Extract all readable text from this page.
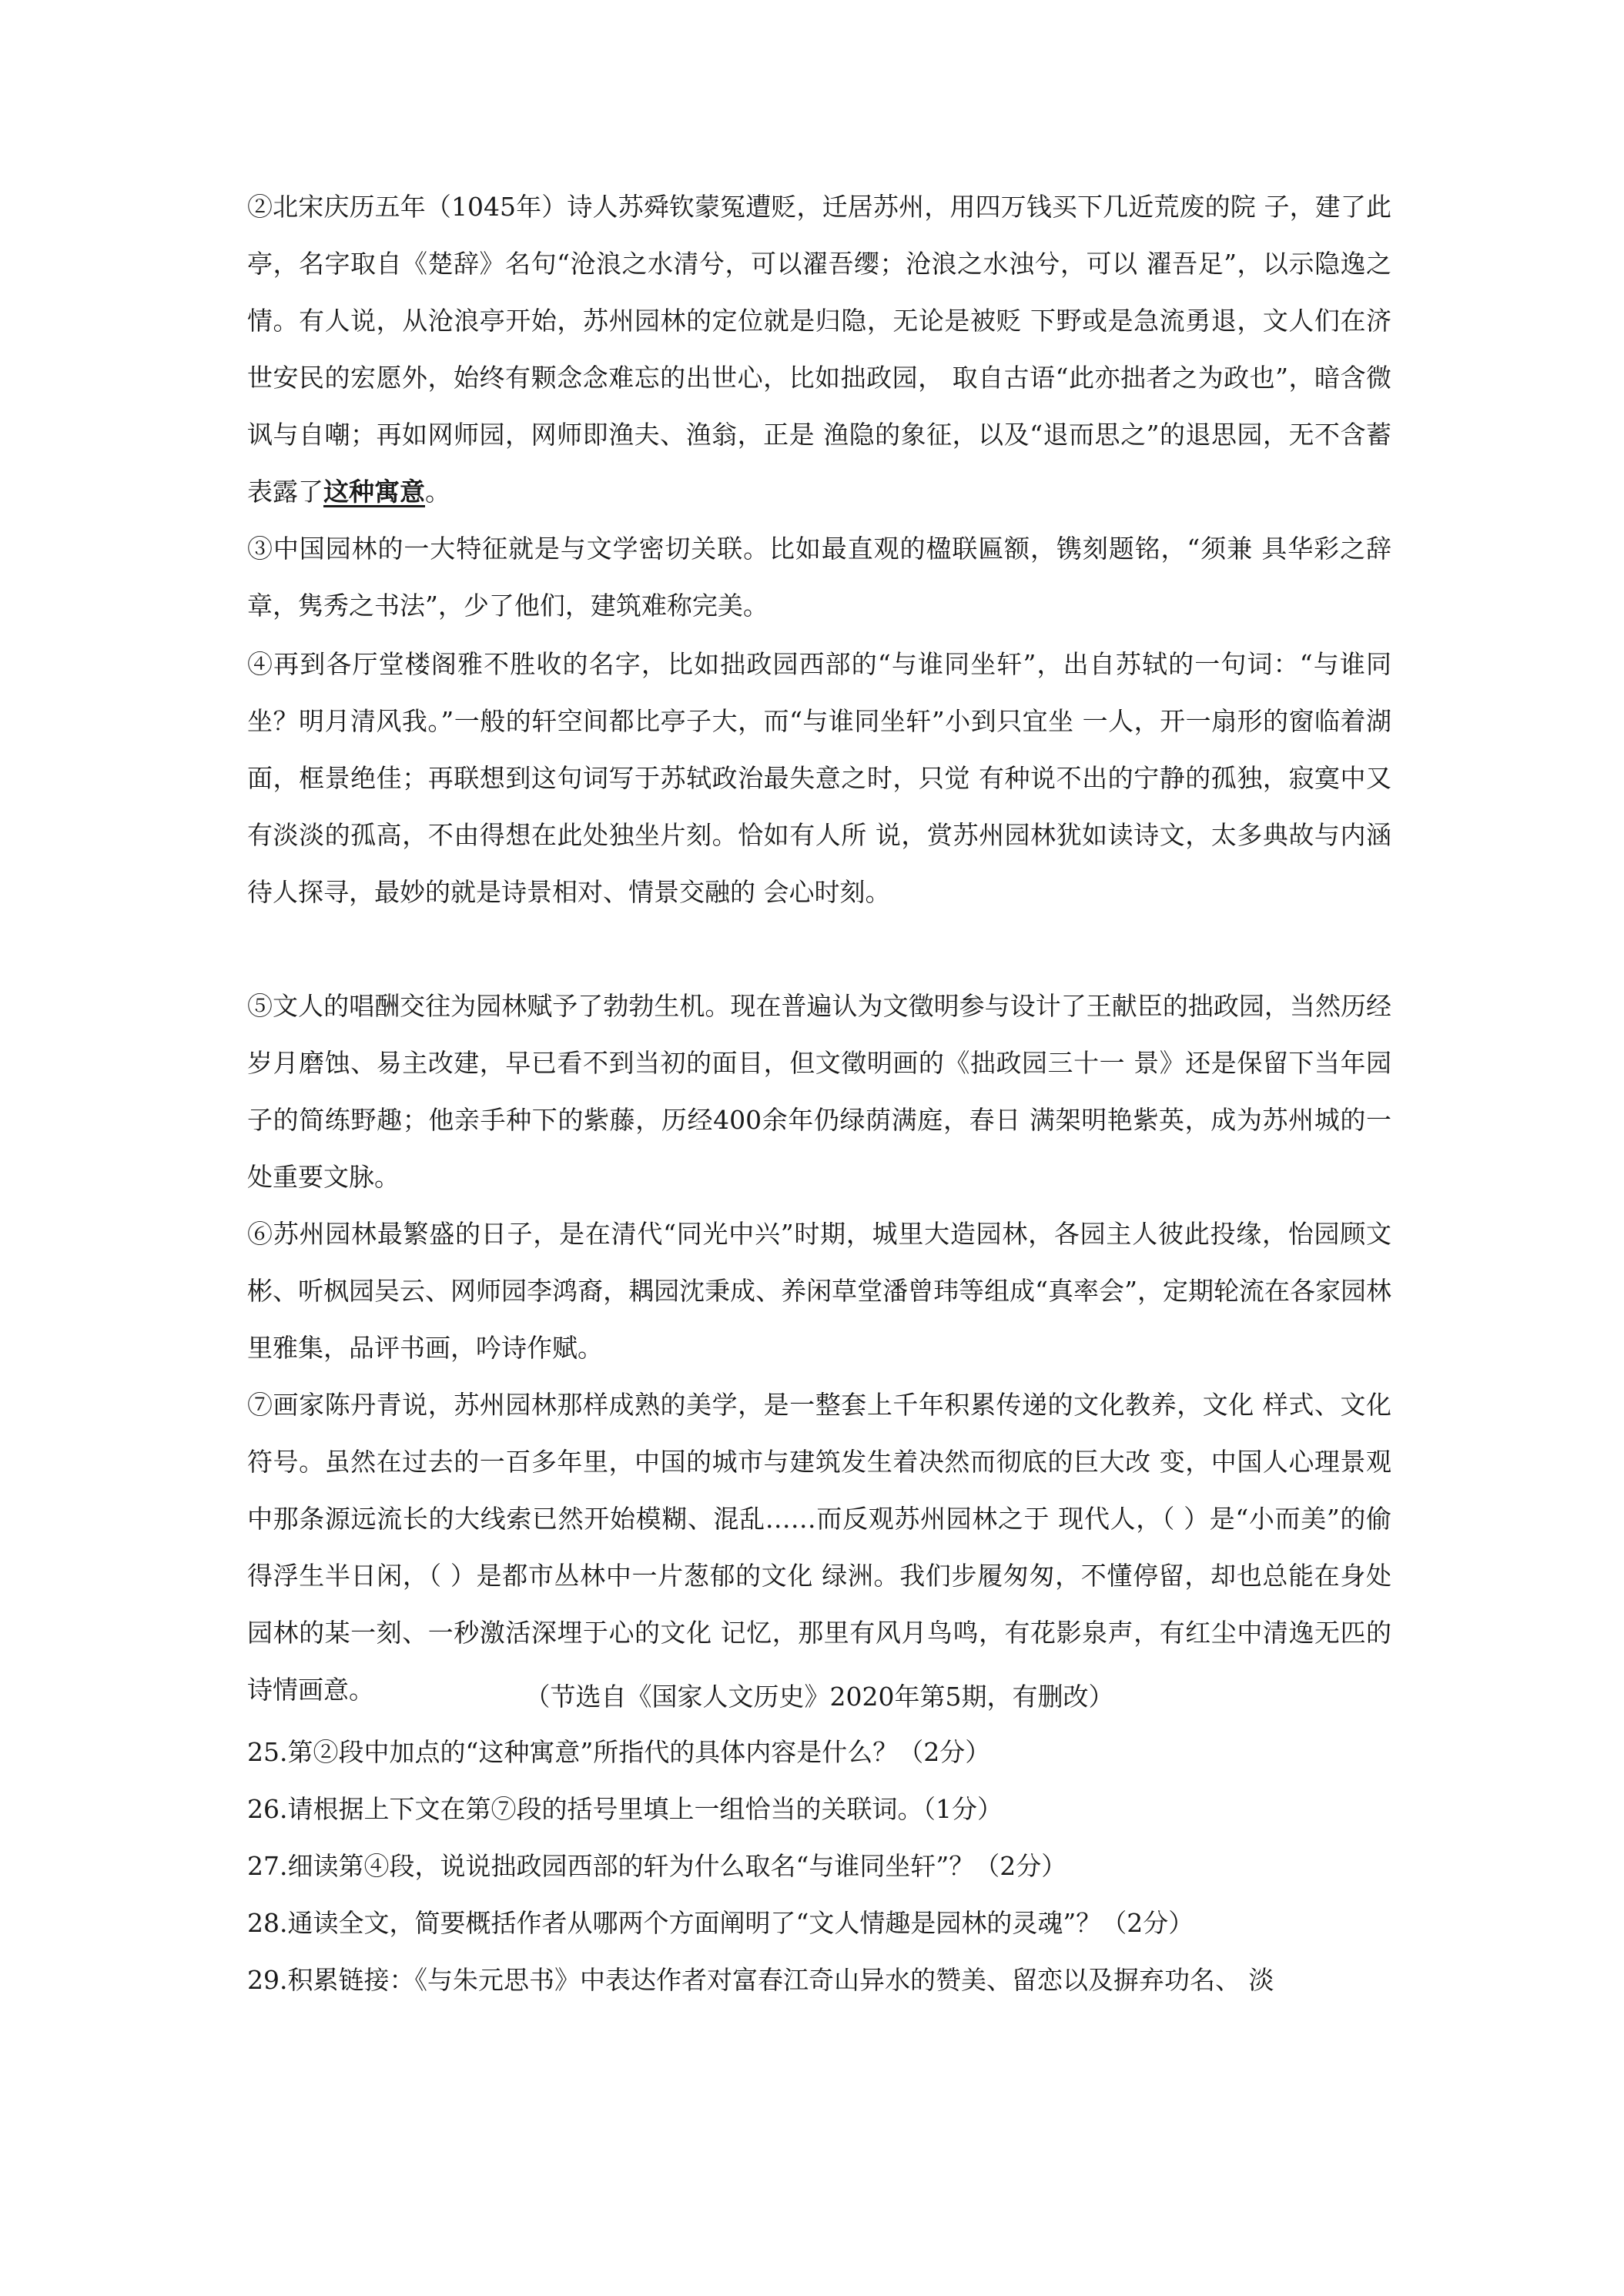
②北宋庆历五年（1045年）诗人苏舜钦蒙冤遭贬，迁居苏州，用四万钱买下几近荒废的院 子，建了此亭，名字取自《楚辞》名句“沧浪之水清兮，可以濯吾缨；沧浪之水浊兮，可以 濯吾足”，以示隐逸之情。有人说，从沧浪亭开始，苏州园林的定位就是归隐，无论是被贬 下野或是急流勇退，文人们在济世安民的宏愿外，始终有颗念念难忘的出世心，比如拙政园， 取自古语“此亦拙者之为政也”，暗含微讽与自嘲；再如网师园，网师即渔夫、渔翁，正是 渔隐的象征，以及“退而思之”的退思园，无不含蓄表露了这种寓意。

③中国园林的一大特征就是与文学密切关联。比如最直观的楹联匾额，镌刻题铭，“须兼 具华彩之辞章，隽秀之书法”，少了他们，建筑难称完美。

④再到各厅堂楼阁雅不胜收的名字，比如拙政园西部的“与谁同坐轩”，出自苏轼的一句词：“与谁同坐？明月清风我。”一般的轩空间都比亭子大，而“与谁同坐轩”小到只宜坐 一人，开一扇形的窗临着湖面，框景绝佳；再联想到这句词写于苏轼政治最失意之时，只觉 有种说不出的宁静的孤独，寂寞中又有淡淡的孤高，不由得想在此处独坐片刻。恰如有人所 说，赏苏州园林犹如读诗文，太多典故与内涵待人探寻，最妙的就是诗景相对、情景交融的 会心时刻。

⑤文人的唱酬交往为园林赋予了勃勃生机。现在普遍认为文徵明参与设计了王献臣的拙政园，当然历经岁月磨蚀、易主改建，早已看不到当初的面目，但文徵明画的《拙政园三十一 景》还是保留下当年园子的简练野趣；他亲手种下的紫藤，历经400余年仍绿荫满庭，春日 满架明艳紫英，成为苏州城的一处重要文脉。

⑥苏州园林最繁盛的日子，是在清代“同光中兴”时期，城里大造园林，各园主人彼此投缘，怡园顾文彬、听枫园吴云、网师园李鸿裔，耦园沈秉成、养闲草堂潘曾玮等组成“真率会”，定期轮流在各家园林里雅集，品评书画，吟诗作赋。

⑦画家陈丹青说，苏州园林那样成熟的美学，是一整套上千年积累传递的文化教养，文化 样式、文化符号。虽然在过去的一百多年里，中国的城市与建筑发生着决然而彻底的巨大改 变，中国人心理景观中那条源远流长的大线索已然开始模糊、混乱……而反观苏州园林之于 现代人，（ ）是“小而美”的偷得浮生半日闲，（ ）是都市丛林中一片葱郁的文化 绿洲。我们步履匆匆，不懂停留，却也总能在身处园林的某一刻、一秒激活深埋于心的文化 记忆，那里有风月鸟鸣，有花影泉声，有红尘中清逸无匹的诗情画意。	（节选自《国家人文历史》2020年第5期，有删改）
25.第②段中加点的“这种寓意”所指代的具体内容是什么？（2分）
26.请根据上下文在第⑦段的括号里填上一组恰当的关联词。（1分）
27.细读第④段，说说拙政园西部的轩为什么取名“与谁同坐轩”？（2分）
28.通读全文，简要概括作者从哪两个方面阐明了“文人情趣是园林的灵魂”？（2分）
29.积累链接：《与朱元思书》中表达作者对富春江奇山异水的赞美、留恋以及摒弃功名、 淡
